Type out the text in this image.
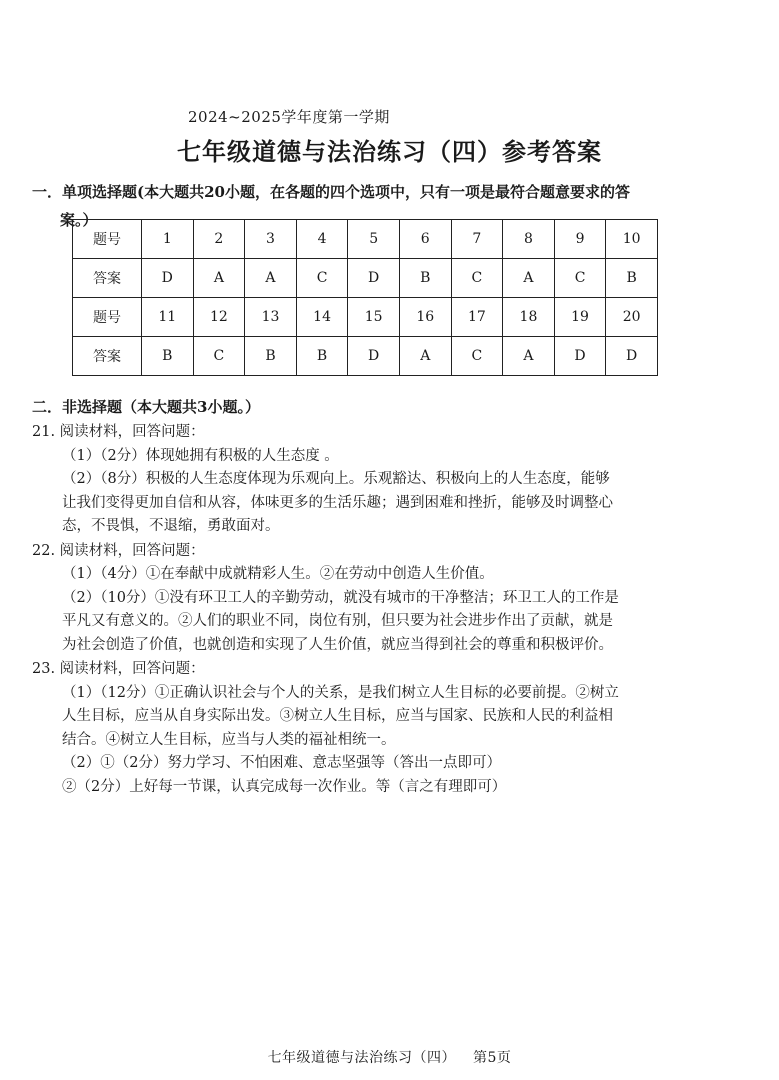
2024~2025学年度第一学期
七年级道德与法治练习（四）参考答案
一．单项选择题(本大题共20小题，在各题的四个选项中，只有一项是最符合题意要求的答
案。）
题号	1	2	3	4	5	6	7	8	9	10
答案	D	A	A	C	D	B	C	A	C	B
题号	11	12	13	14	15	16	17	18	19	20
答案	B	C	B	B	D	A	C	A	D	D
二．非选择题（本大题共3小题。）

21. 阅读材料，回答问题：

（1）（2分）体现她拥有积极的人生态度 。

（2）（8分）积极的人生态度体现为乐观向上。乐观豁达、积极向上的人生态度，能够

让我们变得更加自信和从容，体味更多的生活乐趣；遇到困难和挫折，能够及时调整心

态，不畏惧，不退缩，勇敢面对。

22. 阅读材料，回答问题：

（1）（4分）①在奉献中成就精彩人生。②在劳动中创造人生价值。

（2）（10分）①没有环卫工人的辛勤劳动，就没有城市的干净整洁；环卫工人的工作是

平凡又有意义的。②人们的职业不同，岗位有别，但只要为社会进步作出了贡献，就是

为社会创造了价值，也就创造和实现了人生价值，就应当得到社会的尊重和积极评价。

23. 阅读材料，回答问题：

（1）（12分）①正确认识社会与个人的关系，是我们树立人生目标的必要前提。②树立

人生目标，应当从自身实际出发。③树立人生目标，应当与国家、民族和人民的利益相

结合。④树立人生目标，应当与人类的福祉相统一。

（2）①（2分）努力学习、不怕困难、意志坚强等（答出一点即可）

②（2分）上好每一节课，认真完成每一次作业。等（言之有理即可）

七年级道德与法治练习（四） 第5页
